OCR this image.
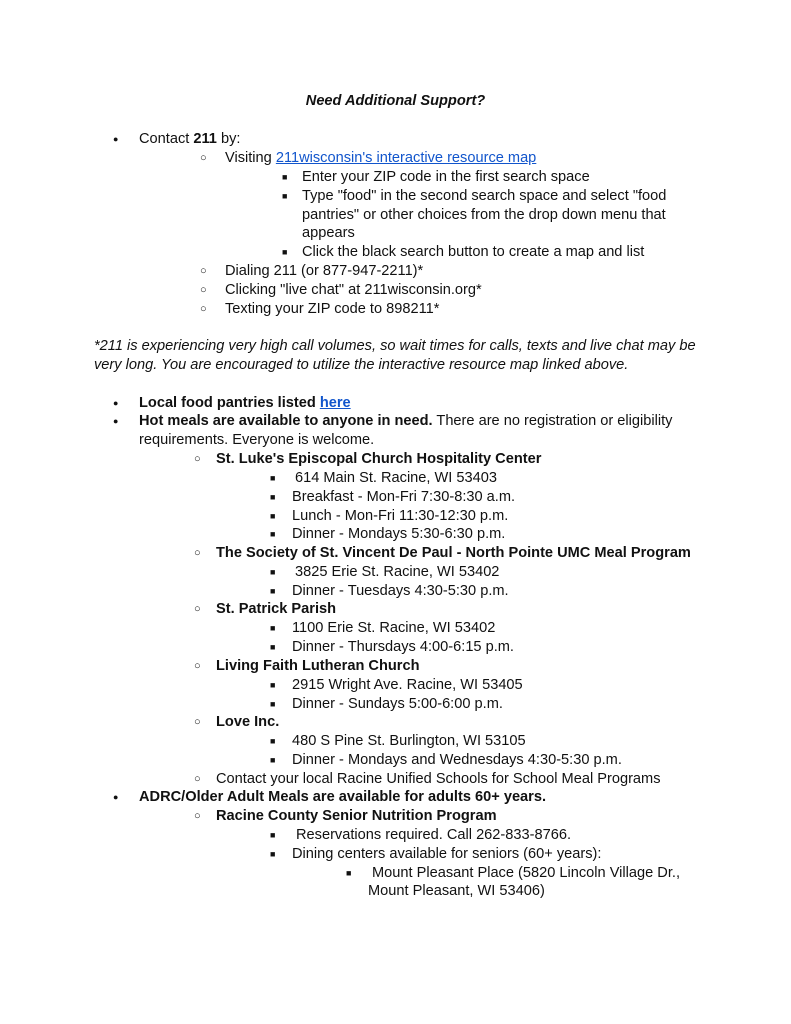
Need Additional Support?
●
Contact 211 by:
○
Visiting 211wisconsin's interactive resource map
■
Enter your ZIP code in the first search space
■
Type "food" in the second search space and select "food
pantries" or other choices from the drop down menu that
appears
■
Click the black search button to create a map and list
○
Dialing 211 (or 877-947-2211)*
○
Clicking "live chat" at 211wisconsin.org*
○
Texting your ZIP code to 898211*
*211 is experiencing very high call volumes, so wait times for calls, texts and live chat may be
very long. You are encouraged to utilize the interactive resource map linked above.
●
Local food pantries listed here
●
Hot meals are available to anyone in need. There are no registration or eligibility
requirements. Everyone is welcome.
○
St. Luke's Episcopal Church Hospitality Center
■
614 Main St. Racine, WI 53403
■
Breakfast - Mon-Fri 7:30-8:30 a.m.
■
Lunch - Mon-Fri 11:30-12:30 p.m.
■
Dinner - Mondays 5:30-6:30 p.m.
○
The Society of St. Vincent De Paul - North Pointe UMC Meal Program
■
3825 Erie St. Racine, WI 53402
■
Dinner - Tuesdays 4:30-5:30 p.m.
○
St. Patrick Parish
■
1100 Erie St. Racine, WI 53402
■
Dinner - Thursdays 4:00-6:15 p.m.
○
Living Faith Lutheran Church
■
2915 Wright Ave. Racine, WI 53405
■
Dinner - Sundays 5:00-6:00 p.m.
○
Love Inc.
■
480 S Pine St. Burlington, WI 53105
■
Dinner - Mondays and Wednesdays 4:30-5:30 p.m.
○
Contact your local Racine Unified Schools for School Meal Programs
●
ADRC/Older Adult Meals are available for adults 60+ years.
○
Racine County Senior Nutrition Program
■
Reservations required. Call 262-833-8766.
■
Dining centers available for seniors (60+ years):
■
Mount Pleasant Place (5820 Lincoln Village Dr.,
Mount Pleasant, WI 53406)
